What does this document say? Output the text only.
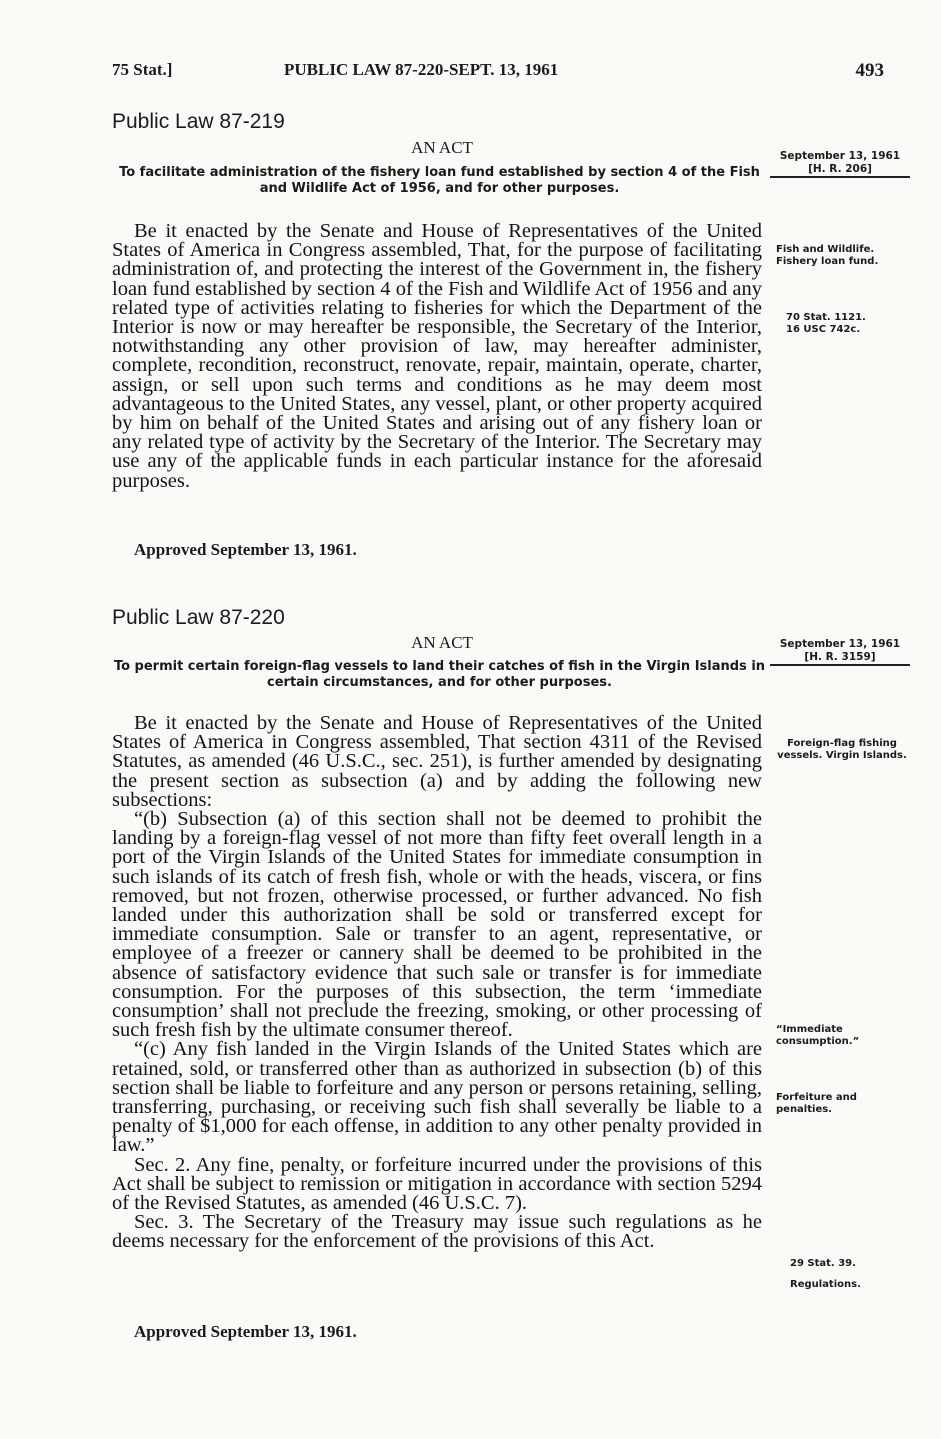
75 Stat.]	PUBLIC LAW 87-220-SEPT. 13, 1961	493
Public Law 87-219
AN ACT
To facilitate administration of the fishery loan fund established by section 4 of the Fish and Wildlife Act of 1956, and for other purposes.
September 13, 1961
[H. R. 206]

Be it enacted by the Senate and House of Representatives of the United States of America in Congress assembled, That, for the purpose of facilitating administration of, and protecting the interest of the Government in, the fishery loan fund established by section 4 of the Fish and Wildlife Act of 1956 and any related type of activities relating to fisheries for which the Department of the Interior is now or may hereafter be responsible, the Secretary of the Interior, notwithstanding any other provision of law, may hereafter administer, complete, recondition, reconstruct, renovate, repair, maintain, operate, charter, assign, or sell upon such terms and conditions as he may deem most advantageous to the United States, any vessel, plant, or other property acquired by him on behalf of the United States and arising out of any fishery loan or any related type of activity by the Secretary of the Interior. The Secretary may use any of the applicable funds in each particular instance for the aforesaid purposes.

Approved September 13, 1961.
Fish and Wildlife.
Fishery loan fund.
70 Stat. 1121.
16 USC 742c.
Public Law 87-220
AN ACT
To permit certain foreign-flag vessels to land their catches of fish in the Virgin Islands in certain circumstances, and for other purposes.
September 13, 1961
[H. R. 3159]

Be it enacted by the Senate and House of Representatives of the United States of America in Congress assembled, That section 4311 of the Revised Statutes, as amended (46 U.S.C., sec. 251), is further amended by designating the present section as subsection (a) and by adding the following new subsections:

“(b) Subsection (a) of this section shall not be deemed to prohibit the landing by a foreign-flag vessel of not more than fifty feet overall length in a port of the Virgin Islands of the United States for immediate consumption in such islands of its catch of fresh fish, whole or with the heads, viscera, or fins removed, but not frozen, otherwise processed, or further advanced. No fish landed under this authorization shall be sold or transferred except for immediate consumption. Sale or transfer to an agent, representative, or employee of a freezer or cannery shall be deemed to be prohibited in the absence of satisfactory evidence that such sale or transfer is for immediate consumption. For the purposes of this subsection, the term ‘immediate consumption’ shall not preclude the freezing, smoking, or other processing of such fresh fish by the ultimate consumer thereof.

“(c) Any fish landed in the Virgin Islands of the United States which are retained, sold, or transferred other than as authorized in subsection (b) of this section shall be liable to forfeiture and any person or persons retaining, selling, transferring, purchasing, or receiving such fish shall severally be liable to a penalty of $1,000 for each offense, in addition to any other penalty provided in law.”

Sec. 2. Any fine, penalty, or forfeiture incurred under the provisions of this Act shall be subject to remission or mitigation in accordance with section 5294 of the Revised Statutes, as amended (46 U.S.C. 7).

Sec. 3. The Secretary of the Treasury may issue such regulations as he deems necessary for the enforcement of the provisions of this Act.

Approved September 13, 1961.
Foreign-flag fishing vessels. Virgin Islands.
“Immediate consumption.”
Forfeiture and penalties.
29 Stat. 39.
Regulations.
